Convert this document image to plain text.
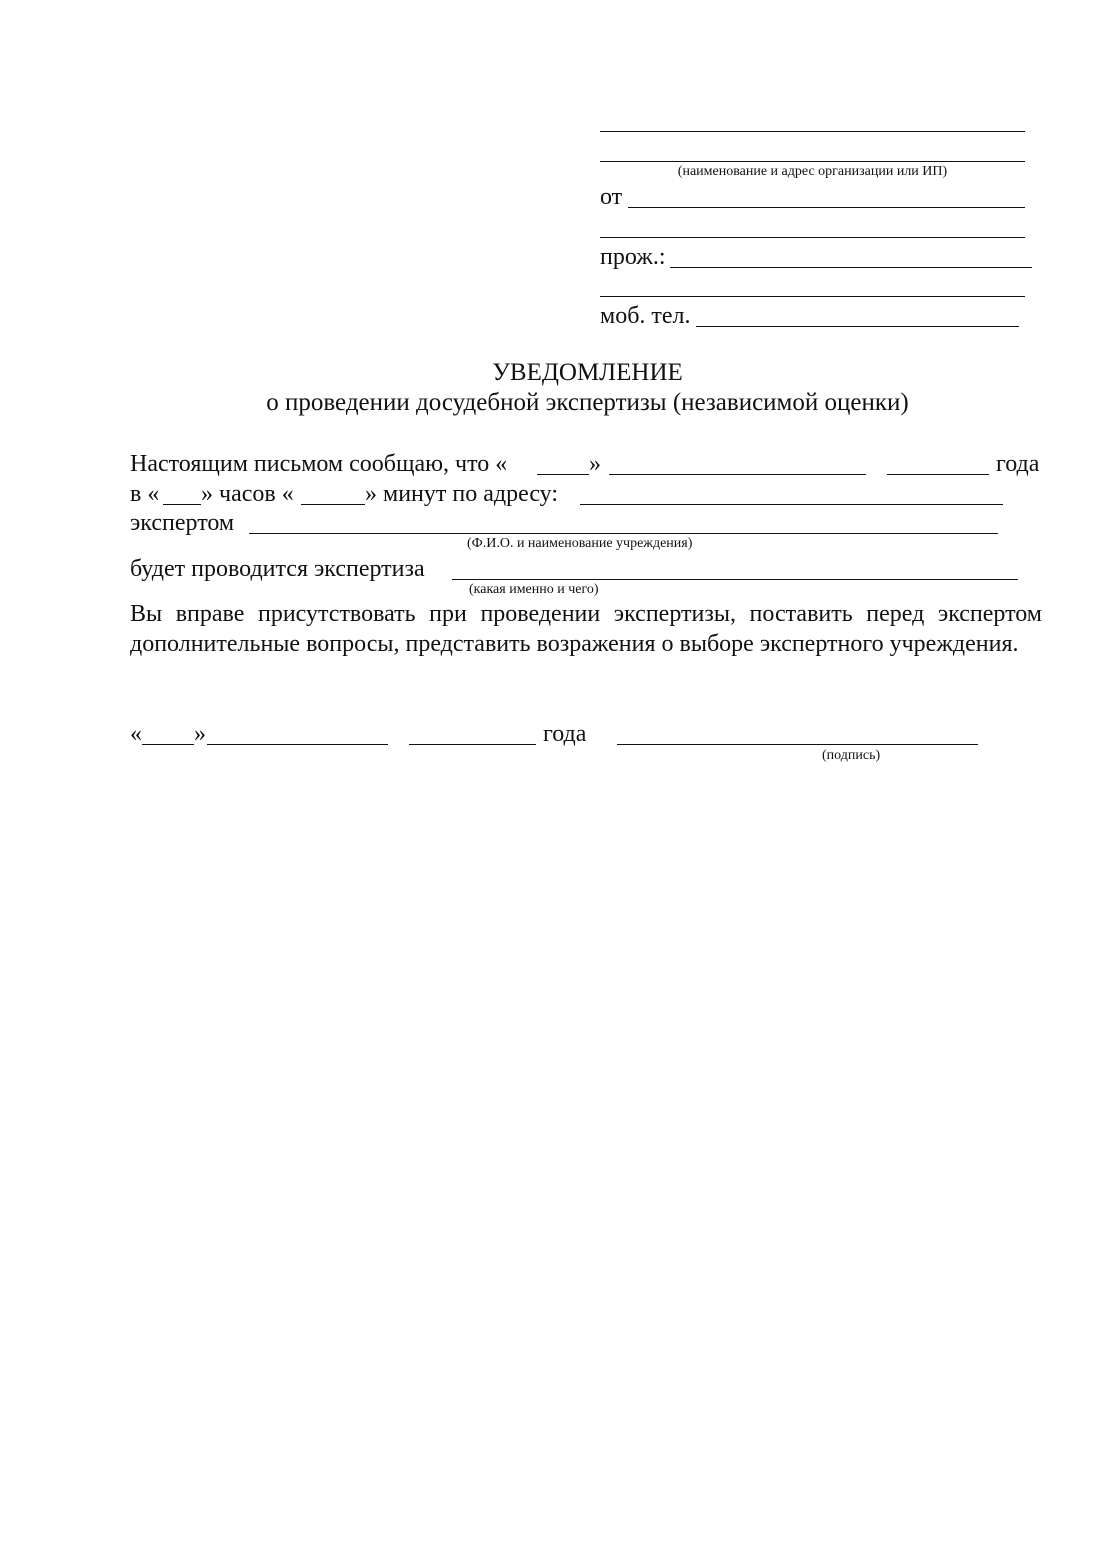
(наименование и адрес организации или ИП)
от
прож.:
моб. тел.
УВЕДОМЛЕНИЕ
о проведении досудебной экспертизы (независимой оценки)
Настоящим письмом сообщаю, что «	»	года
в « » часов «	» минут по адресу:
экспертом
(Ф.И.О. и наименование учреждения)
будет проводится экспертиза
(какая именно и чего)
Вы вправе присутствовать при проведении экспертизы, поставить перед экспертом дополнительные вопросы, представить возражения о выборе экспертного учреждения.
« »	года
(подпись)
